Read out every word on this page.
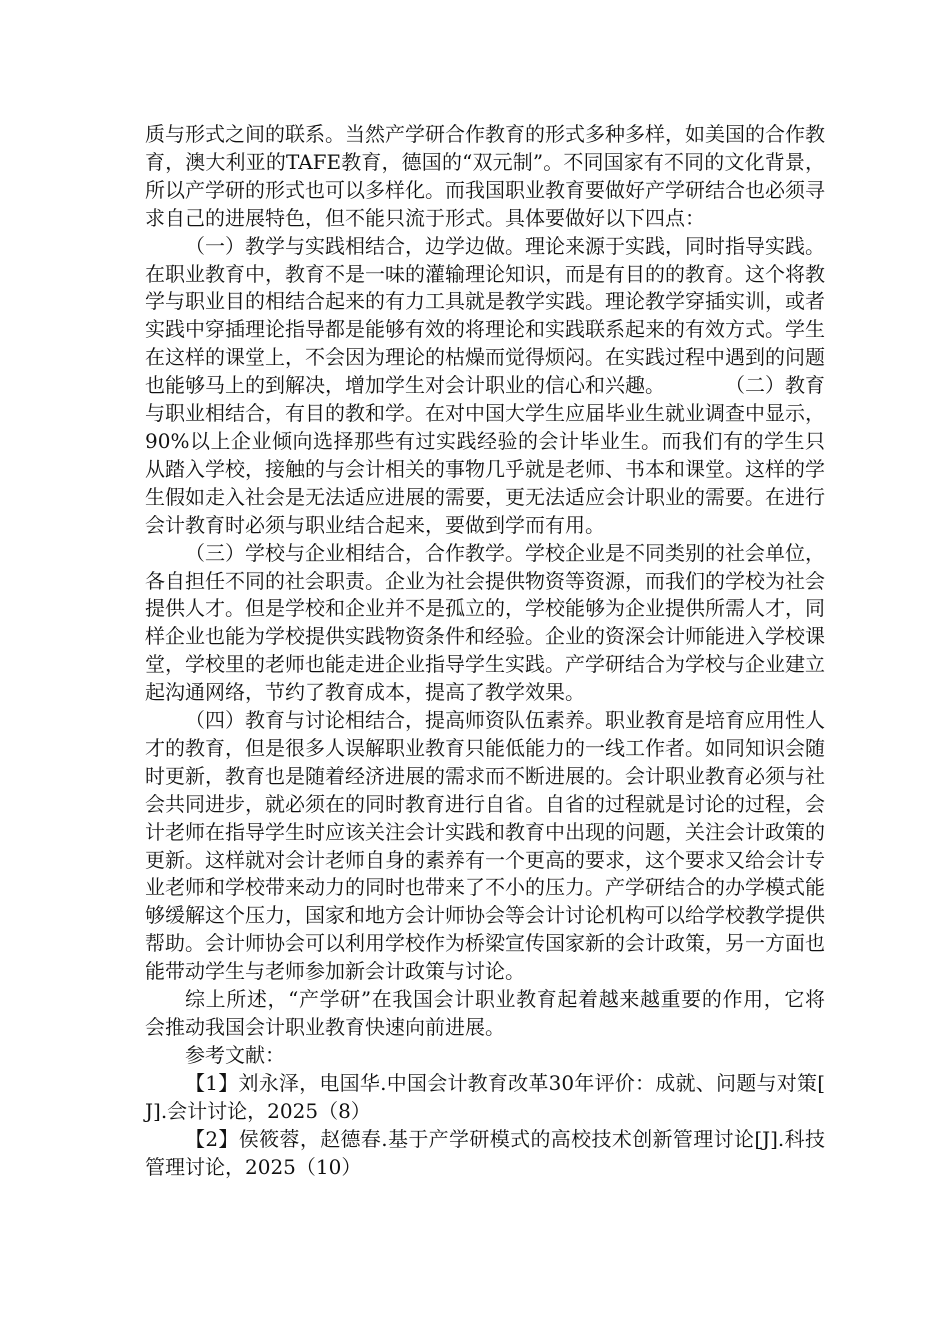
质与形式之间的联系。当然产学研合作教育的形式多种多样，如美国的合作教育，澳大利亚的TAFE教育，德国的“双元制”。不同国家有不同的文化背景，所以产学研的形式也可以多样化。而我国职业教育要做好产学研结合也必须寻求自己的进展特色，但不能只流于形式。具体要做好以下四点：

（一）教学与实践相结合，边学边做。理论来源于实践，同时指导实践。在职业教育中，教育不是一味的灌输理论知识，而是有目的的教育。这个将教学与职业目的相结合起来的有力工具就是教学实践。理论教学穿插实训，或者实践中穿插理论指导都是能够有效的将理论和实践联系起来的有效方式。学生在这样的课堂上，不会因为理论的枯燥而觉得烦闷。在实践过程中遇到的问题也能够马上的到解决，增加学生对会计职业的信心和兴趣。　　　　（二）教育与职业相结合，有目的教和学。在对中国大学生应届毕业生就业调查中显示，90%以上企业倾向选择那些有过实践经验的会计毕业生。而我们有的学生只从踏入学校，接触的与会计相关的事物几乎就是老师、书本和课堂。这样的学生假如走入社会是无法适应进展的需要，更无法适应会计职业的需要。在进行会计教育时必须与职业结合起来，要做到学而有用。

（三）学校与企业相结合，合作教学。学校企业是不同类别的社会单位，各自担任不同的社会职责。企业为社会提供物资等资源，而我们的学校为社会提供人才。但是学校和企业并不是孤立的，学校能够为企业提供所需人才，同样企业也能为学校提供实践物资条件和经验。企业的资深会计师能进入学校课堂，学校里的老师也能走进企业指导学生实践。产学研结合为学校与企业建立起沟通网络，节约了教育成本，提高了教学效果。

（四）教育与讨论相结合，提高师资队伍素养。职业教育是培育应用性人才的教育，但是很多人误解职业教育只能低能力的一线工作者。如同知识会随时更新，教育也是随着经济进展的需求而不断进展的。会计职业教育必须与社会共同进步，就必须在的同时教育进行自省。自省的过程就是讨论的过程，会计老师在指导学生时应该关注会计实践和教育中出现的问题，关注会计政策的更新。这样就对会计老师自身的素养有一个更高的要求，这个要求又给会计专业老师和学校带来动力的同时也带来了不小的压力。产学研结合的办学模式能够缓解这个压力，国家和地方会计师协会等会计讨论机构可以给学校教学提供帮助。会计师协会可以利用学校作为桥梁宣传国家新的会计政策，另一方面也能带动学生与老师参加新会计政策与讨论。

综上所述，“产学研”在我国会计职业教育起着越来越重要的作用，它将会推动我国会计职业教育快速向前进展。

参考文献：

【1】刘永泽，电国华.中国会计教育改革30年评价：成就、问题与对策[J].会计讨论，2025（8）

【2】侯筱蓉，赵德春.基于产学研模式的高校技术创新管理讨论[J].科技管理讨论，2025（10）
